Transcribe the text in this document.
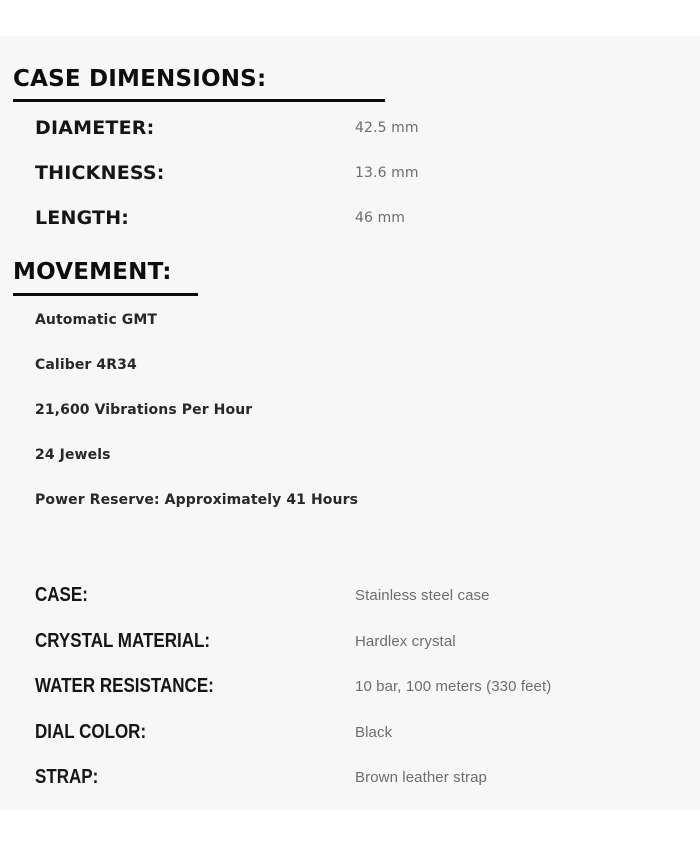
CASE DIMENSIONS:
DIAMETER:	42.5 mm
THICKNESS:	13.6 mm
LENGTH:	46 mm
MOVEMENT:
Automatic GMT
Caliber 4R34
21,600 Vibrations Per Hour
24 Jewels
Power Reserve: Approximately 41 Hours
CASE:	Stainless steel case
CRYSTAL MATERIAL:	Hardlex crystal
WATER RESISTANCE:	10 bar, 100 meters (330 feet)
DIAL COLOR:	Black
STRAP:	Brown leather strap
